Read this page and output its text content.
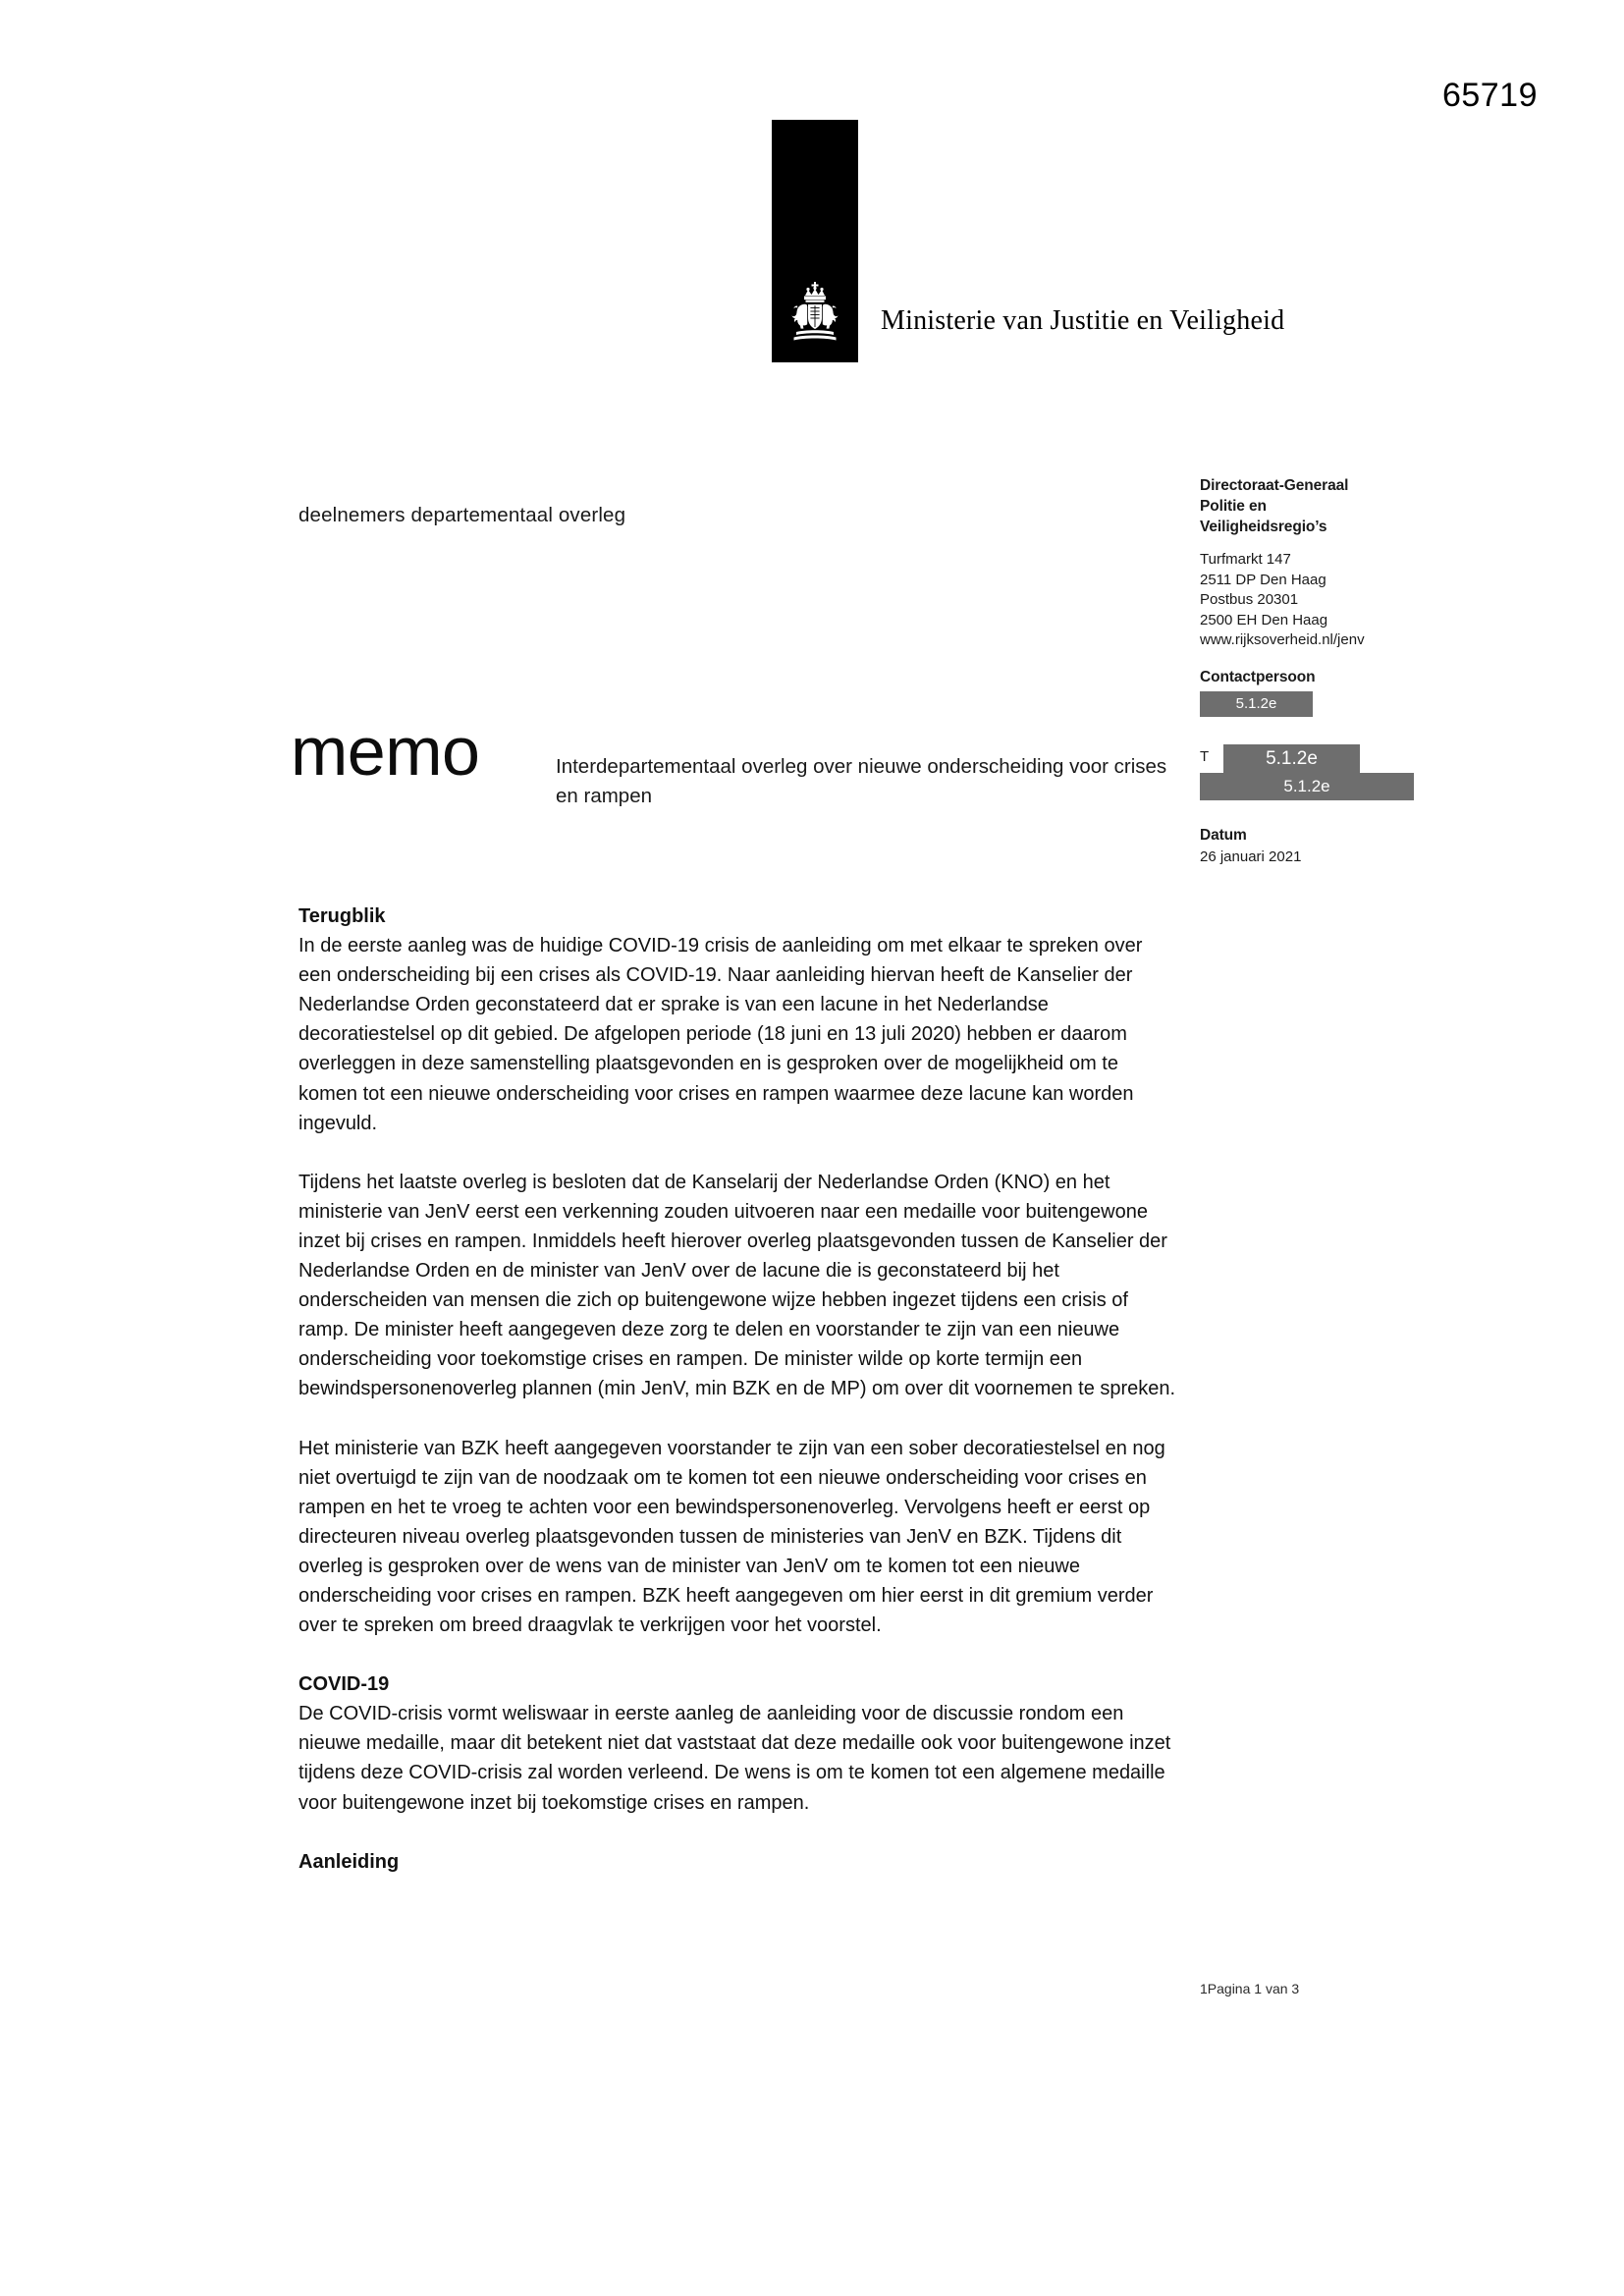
65719
Ministerie van Justitie en Veiligheid
deelnemers departementaal overleg
memo	Interdepartementaal overleg over nieuwe onderscheiding voor crises en rampen
Directoraat-Generaal
Politie en
Veiligheidsregio’s
Turfmarkt 147
2511 DP Den Haag
Postbus 20301
2500 EH Den Haag
www.rijksoverheid.nl/jenv
Contactpersoon
5.1.2e
T	5.1.2e
5.1.2e
Datum
26 januari 2021
Terugblik

In de eerste aanleg was de huidige COVID-19 crisis de aanleiding om met elkaar te spreken over een onderscheiding bij een crises als COVID-19. Naar aanleiding hiervan heeft de Kanselier der Nederlandse Orden geconstateerd dat er sprake is van een lacune in het Nederlandse decoratiestelsel op dit gebied. De afgelopen periode (18 juni en 13 juli 2020) hebben er daarom overleggen in deze samenstelling plaatsgevonden en is gesproken over de mogelijkheid om te komen tot een nieuwe onderscheiding voor crises en rampen waarmee deze lacune kan worden ingevuld.

Tijdens het laatste overleg is besloten dat de Kanselarij der Nederlandse Orden (KNO) en het ministerie van JenV eerst een verkenning zouden uitvoeren naar een medaille voor buitengewone inzet bij crises en rampen. Inmiddels heeft hierover overleg plaatsgevonden tussen de Kanselier der Nederlandse Orden en de minister van JenV over de lacune die is geconstateerd bij het onderscheiden van mensen die zich op buitengewone wijze hebben ingezet tijdens een crisis of ramp. De minister heeft aangegeven deze zorg te delen en voorstander te zijn van een nieuwe onderscheiding voor toekomstige crises en rampen. De minister wilde op korte termijn een bewindspersonenoverleg plannen (min JenV, min BZK en de MP) om over dit voornemen te spreken.

Het ministerie van BZK heeft aangegeven voorstander te zijn van een sober decoratiestelsel en nog niet overtuigd te zijn van de noodzaak om te komen tot een nieuwe onderscheiding voor crises en rampen en het te vroeg te achten voor een bewindspersonenoverleg. Vervolgens heeft er eerst op directeuren niveau overleg plaatsgevonden tussen de ministeries van JenV en BZK. Tijdens dit overleg is gesproken over de wens van de minister van JenV om te komen tot een nieuwe onderscheiding voor crises en rampen. BZK heeft aangegeven om hier eerst in dit gremium verder over te spreken om breed draagvlak te verkrijgen voor het voorstel.

COVID-19

De COVID-crisis vormt weliswaar in eerste aanleg de aanleiding voor de discussie rondom een nieuwe medaille, maar dit betekent niet dat vaststaat dat deze medaille ook voor buitengewone inzet tijdens deze COVID-crisis zal worden verleend. De wens is om te komen tot een algemene medaille voor buitengewone inzet bij toekomstige crises en rampen.

Aanleiding
1Pagina 1 van 3
